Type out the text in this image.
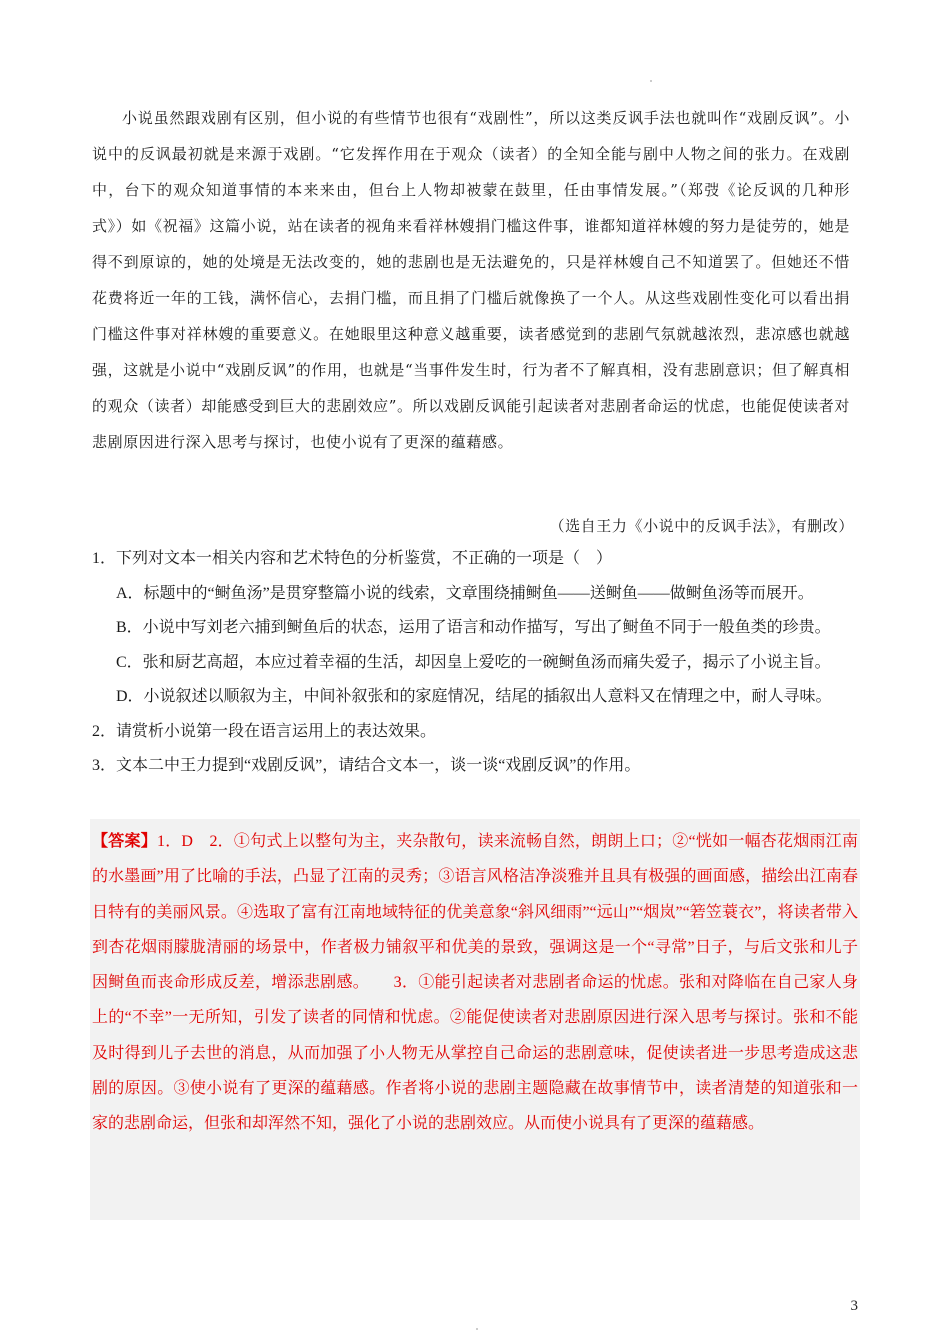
小说虽然跟戏剧有区别，但小说的有些情节也很有“戏剧性”，所以这类反讽手法也就叫作“戏剧反讽”。小说中的反讽最初就是来源于戏剧。“它发挥作用在于观众（读者）的全知全能与剧中人物之间的张力。在戏剧中，台下的观众知道事情的本来来由，但台上人物却被蒙在鼓里，任由事情发展。”（郑弢《论反讽的几种形式》）如《祝福》这篇小说，站在读者的视角来看祥林嫂捐门槛这件事，谁都知道祥林嫂的努力是徒劳的，她是得不到原谅的，她的处境是无法改变的，她的悲剧也是无法避免的，只是祥林嫂自己不知道罢了。但她还不惜花费将近一年的工钱，满怀信心，去捐门槛，而且捐了门槛后就像换了一个人。从这些戏剧性变化可以看出捐门槛这件事对祥林嫂的重要意义。在她眼里这种意义越重要，读者感觉到的悲剧气氛就越浓烈，悲凉感也就越强，这就是小说中“戏剧反讽”的作用，也就是“当事件发生时，行为者不了解真相，没有悲剧意识；但了解真相的观众（读者）却能感受到巨大的悲剧效应”。所以戏剧反讽能引起读者对悲剧者命运的忧虑，也能促使读者对悲剧原因进行深入思考与探讨，也使小说有了更深的蕴藉感。

（选自王力《小说中的反讽手法》，有删改）

1．下列对文本一相关内容和艺术特色的分析鉴赏，不正确的一项是（　）

A．标题中的“鲥鱼汤”是贯穿整篇小说的线索，文章围绕捕鲥鱼——送鲥鱼——做鲥鱼汤等而展开。

B．小说中写刘老六捕到鲥鱼后的状态，运用了语言和动作描写，写出了鲥鱼不同于一般鱼类的珍贵。

C．张和厨艺高超，本应过着幸福的生活，却因皇上爱吃的一碗鲥鱼汤而痛失爱子，揭示了小说主旨。

D．小说叙述以顺叙为主，中间补叙张和的家庭情况，结尾的插叙出人意料又在情理之中，耐人寻味。

2．请赏析小说第一段在语言运用上的表达效果。

3．文本二中王力提到“戏剧反讽”，请结合文本一，谈一谈“戏剧反讽”的作用。

【答案】1．D　2．①句式上以整句为主，夹杂散句，读来流畅自然，朗朗上口；②“恍如一幅杏花烟雨江南的水墨画”用了比喻的手法，凸显了江南的灵秀；③语言风格洁净淡雅并且具有极强的画面感，描绘出江南春日特有的美丽风景。④选取了富有江南地域特征的优美意象“斜风细雨”“远山”“烟岚”“箬笠蓑衣”，将读者带入到杏花烟雨朦胧清丽的场景中，作者极力铺叙平和优美的景致，强调这是一个“寻常”日子，与后文张和儿子因鲥鱼而丧命形成反差，增添悲剧感。　　3．①能引起读者对悲剧者命运的忧虑。张和对降临在自己家人身上的“不幸”一无所知，引发了读者的同情和忧虑。②能促使读者对悲剧原因进行深入思考与探讨。张和不能及时得到儿子去世的消息，从而加强了小人物无从掌控自己命运的悲剧意味，促使读者进一步思考造成这悲剧的原因。③使小说有了更深的蕴藉感。作者将小说的悲剧主题隐藏在故事情节中，读者清楚的知道张和一家的悲剧命运，但张和却浑然不知，强化了小说的悲剧效应。从而使小说具有了更深的蕴藉感。

3
